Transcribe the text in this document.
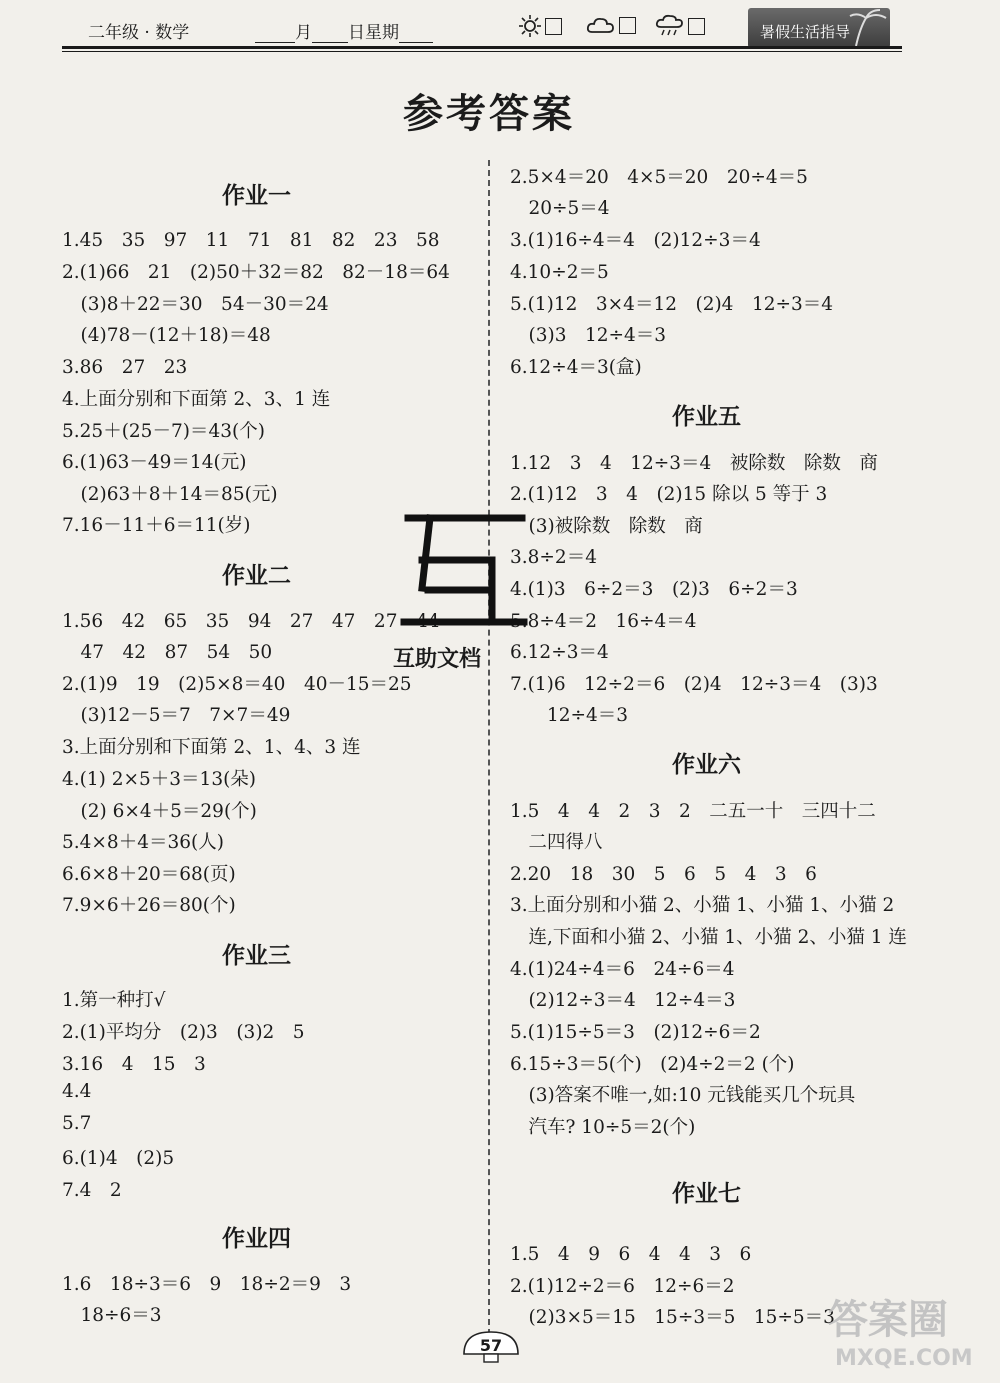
二年级 · 数学	月 日星期	暑假生活指导
参考答案
作业一
1.45　35　97　11　71　81　82　23　58
2.(1)66　21　(2)50＋32＝82　82－18＝64
　(3)8＋22＝30　54－30＝24
　(4)78－(12＋18)＝48
3.86　27　23
4.上面分别和下面第 2、3、1 连
5.25＋(25－7)＝43(个)
6.(1)63－49＝14(元)
　(2)63＋8＋14＝85(元)
7.16－11＋6＝11(岁)
作业二
1.56　42　65　35　94　27　47　27　44
　47　42　87　54　50
2.(1)9　19　(2)5×8＝40　40－15＝25
　(3)12－5＝7　7×7＝49
3.上面分别和下面第 2、1、4、3 连
4.(1) 2×5＋3＝13(朵)
　(2) 6×4＋5＝29(个)
5.4×8＋4＝36(人)
6.6×8＋20＝68(页)
7.9×6＋26＝80(个)
作业三
1.第一种打√
2.(1)平均分　(2)3　(3)2　5
3.16　4　15　3
4.4
5.7
6.(1)4　(2)5
7.4　2
作业四
1.6　18÷3＝6　9　18÷2＝9　3
　18÷6＝3
2.5×4＝20　4×5＝20　20÷4＝5
　20÷5＝4
3.(1)16÷4＝4　(2)12÷3＝4
4.10÷2＝5
5.(1)12　3×4＝12　(2)4　12÷3＝4
　(3)3　12÷4＝3
6.12÷4＝3(盒)
作业五
1.12　3　4　12÷3＝4　被除数　除数　商
2.(1)12　3　4　(2)15 除以 5 等于 3
　(3)被除数　除数　商
3.8÷2＝4
4.(1)3　6÷2＝3　(2)3　6÷2＝3
5.8÷4＝2　16÷4＝4
6.12÷3＝4
7.(1)6　12÷2＝6　(2)4　12÷3＝4　(3)3
　　12÷4＝3
作业六
1.5　4　4　2　3　2　二五一十　三四十二
　二四得八
2.20　18　30　5　6　5　4　3　6
3.上面分别和小猫 2、小猫 1、小猫 1、小猫 2
　连,下面和小猫 2、小猫 1、小猫 2、小猫 1 连
4.(1)24÷4＝6　24÷6＝4
　(2)12÷3＝4　12÷4＝3
5.(1)15÷5＝3　(2)12÷6＝2
6.15÷3＝5(个)　(2)4÷2＝2 (个)
　(3)答案不唯一,如:10 元钱能买几个玩具
　汽车? 10÷5＝2(个)
作业七
1.5　4　9　6　4　4　3　6
2.(1)12÷2＝6　12÷6＝2
　(2)3×5＝15　15÷3＝5　15÷5＝3
互助文档
57
答案圈
MXQE.COM
